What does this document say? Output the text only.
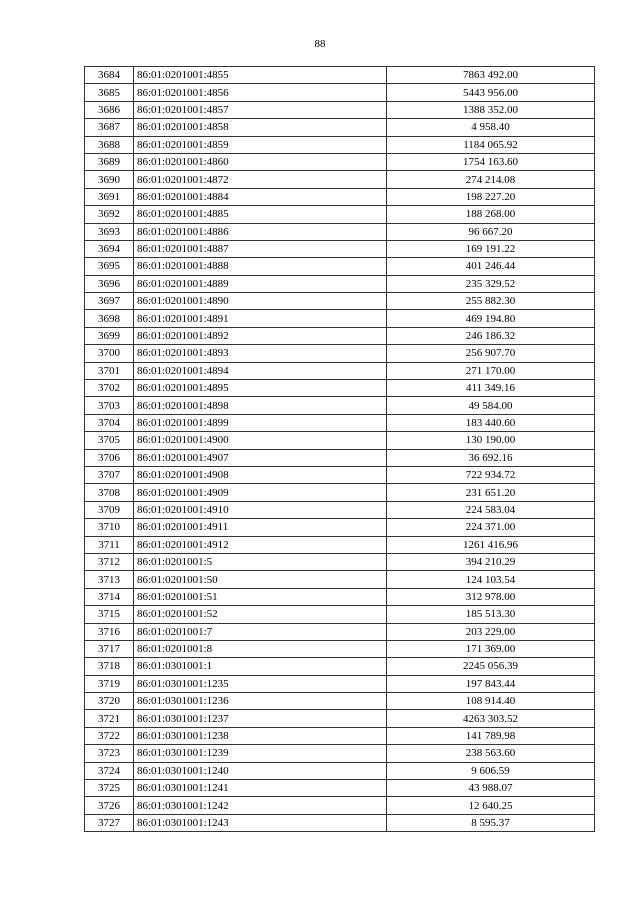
88
3684	86:01:0201001:4855	7863 492.00
3685	86:01:0201001:4856	5443 956.00
3686	86:01:0201001:4857	1388 352.00
3687	86:01:0201001:4858	4 958.40
3688	86:01:0201001:4859	1184 065.92
3689	86:01:0201001:4860	1754 163.60
3690	86:01:0201001:4872	274 214.08
3691	86:01:0201001:4884	198 227.20
3692	86:01:0201001:4885	188 268.00
3693	86:01:0201001:4886	96 667.20
3694	86:01:0201001:4887	169 191.22
3695	86:01:0201001:4888	401 246.44
3696	86:01:0201001:4889	235 329.52
3697	86:01:0201001:4890	255 882.30
3698	86:01:0201001:4891	469 194.80
3699	86:01:0201001:4892	246 186.32
3700	86:01:0201001:4893	256 907.70
3701	86:01:0201001:4894	271 170.00
3702	86:01:0201001:4895	411 349.16
3703	86:01:0201001:4898	49 584.00
3704	86:01:0201001:4899	183 440.60
3705	86:01:0201001:4900	130 190.00
3706	86:01:0201001:4907	36 692.16
3707	86:01:0201001:4908	722 934.72
3708	86:01:0201001:4909	231 651.20
3709	86:01:0201001:4910	224 583.04
3710	86:01:0201001:4911	224 371.00
3711	86:01:0201001:4912	1261 416.96
3712	86:01:0201001:5	394 210.29
3713	86:01:0201001:50	124 103.54
3714	86:01:0201001:51	312 978.00
3715	86:01:0201001:52	185 513.30
3716	86:01:0201001:7	203 229.00
3717	86:01:0201001:8	171 369.00
3718	86:01:0301001:1	2245 056.39
3719	86:01:0301001:1235	197 843.44
3720	86:01:0301001:1236	108 914.40
3721	86:01:0301001:1237	4263 303.52
3722	86:01:0301001:1238	141 789.98
3723	86:01:0301001:1239	238 563.60
3724	86:01:0301001:1240	9 606.59
3725	86:01:0301001:1241	43 988.07
3726	86:01:0301001:1242	12 640.25
3727	86:01:0301001:1243	8 595.37
